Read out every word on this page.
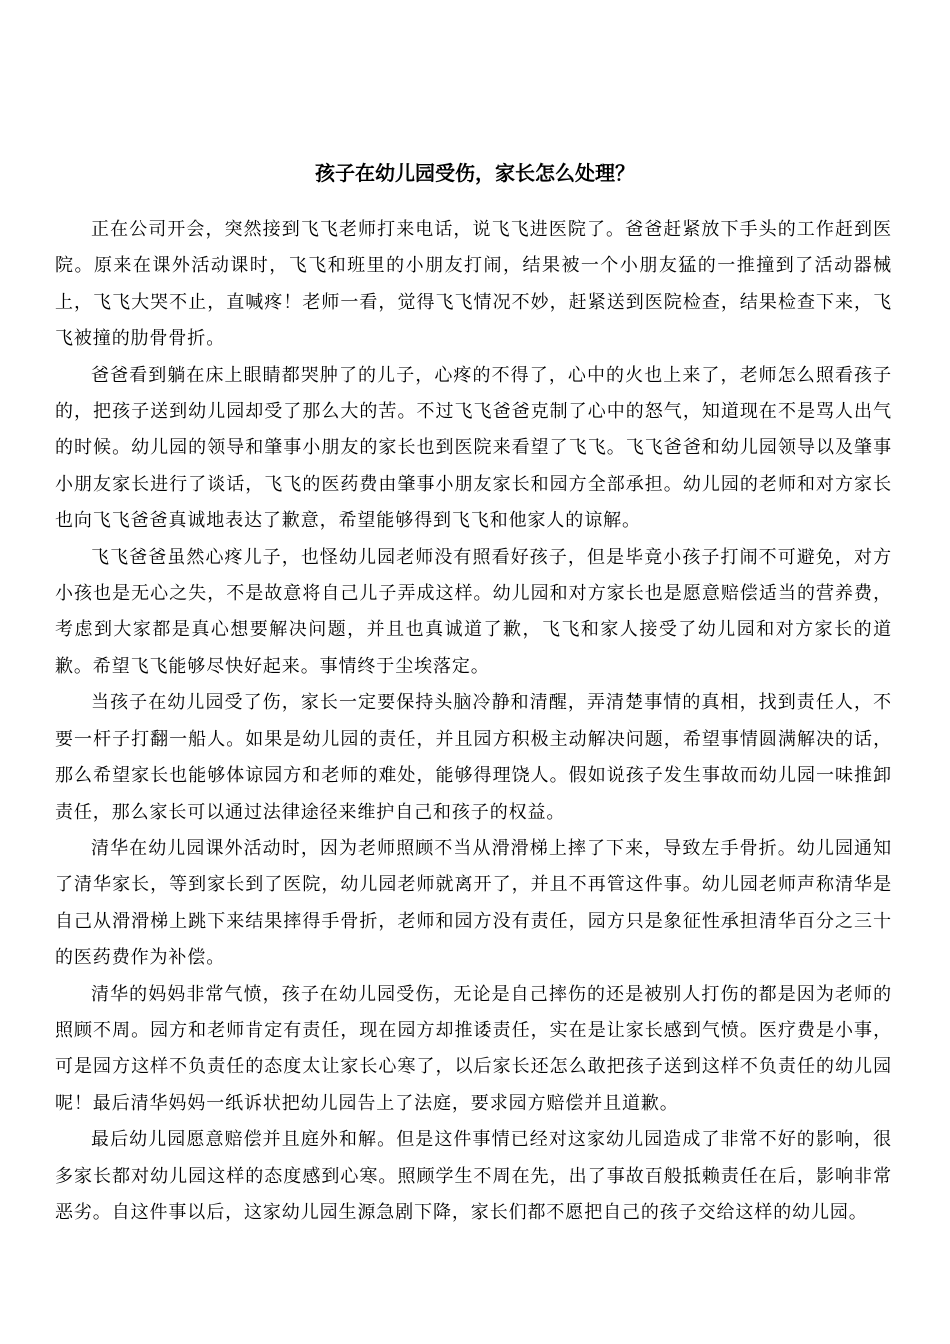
孩子在幼儿园受伤，家长怎么处理？

正在公司开会，突然接到飞飞老师打来电话，说飞飞进医院了。爸爸赶紧放下手头的工作赶到医院。原来在课外活动课时，飞飞和班里的小朋友打闹，结果被一个小朋友猛的一推撞到了活动器械上，飞飞大哭不止，直喊疼！老师一看，觉得飞飞情况不妙，赶紧送到医院检查，结果检查下来，飞飞被撞的肋骨骨折。

爸爸看到躺在床上眼睛都哭肿了的儿子，心疼的不得了，心中的火也上来了，老师怎么照看孩子的，把孩子送到幼儿园却受了那么大的苦。不过飞飞爸爸克制了心中的怒气，知道现在不是骂人出气的时候。幼儿园的领导和肇事小朋友的家长也到医院来看望了飞飞。飞飞爸爸和幼儿园领导以及肇事小朋友家长进行了谈话，飞飞的医药费由肇事小朋友家长和园方全部承担。幼儿园的老师和对方家长也向飞飞爸爸真诚地表达了歉意，希望能够得到飞飞和他家人的谅解。

飞飞爸爸虽然心疼儿子，也怪幼儿园老师没有照看好孩子，但是毕竟小孩子打闹不可避免，对方小孩也是无心之失，不是故意将自己儿子弄成这样。幼儿园和对方家长也是愿意赔偿适当的营养费，考虑到大家都是真心想要解决问题，并且也真诚道了歉，飞飞和家人接受了幼儿园和对方家长的道歉。希望飞飞能够尽快好起来。事情终于尘埃落定。

当孩子在幼儿园受了伤，家长一定要保持头脑冷静和清醒，弄清楚事情的真相，找到责任人，不要一杆子打翻一船人。如果是幼儿园的责任，并且园方积极主动解决问题，希望事情圆满解决的话，那么希望家长也能够体谅园方和老师的难处，能够得理饶人。假如说孩子发生事故而幼儿园一味推卸责任，那么家长可以通过法律途径来维护自己和孩子的权益。

清华在幼儿园课外活动时，因为老师照顾不当从滑滑梯上摔了下来，导致左手骨折。幼儿园通知了清华家长，等到家长到了医院，幼儿园老师就离开了，并且不再管这件事。幼儿园老师声称清华是自己从滑滑梯上跳下来结果摔得手骨折，老师和园方没有责任，园方只是象征性承担清华百分之三十的医药费作为补偿。

清华的妈妈非常气愤，孩子在幼儿园受伤，无论是自己摔伤的还是被别人打伤的都是因为老师的照顾不周。园方和老师肯定有责任，现在园方却推诿责任，实在是让家长感到气愤。医疗费是小事，可是园方这样不负责任的态度太让家长心寒了，以后家长还怎么敢把孩子送到这样不负责任的幼儿园呢！最后清华妈妈一纸诉状把幼儿园告上了法庭，要求园方赔偿并且道歉。

最后幼儿园愿意赔偿并且庭外和解。但是这件事情已经对这家幼儿园造成了非常不好的影响，很多家长都对幼儿园这样的态度感到心寒。照顾学生不周在先，出了事故百般抵赖责任在后，影响非常恶劣。自这件事以后，这家幼儿园生源急剧下降，家长们都不愿把自己的孩子交给这样的幼儿园。
